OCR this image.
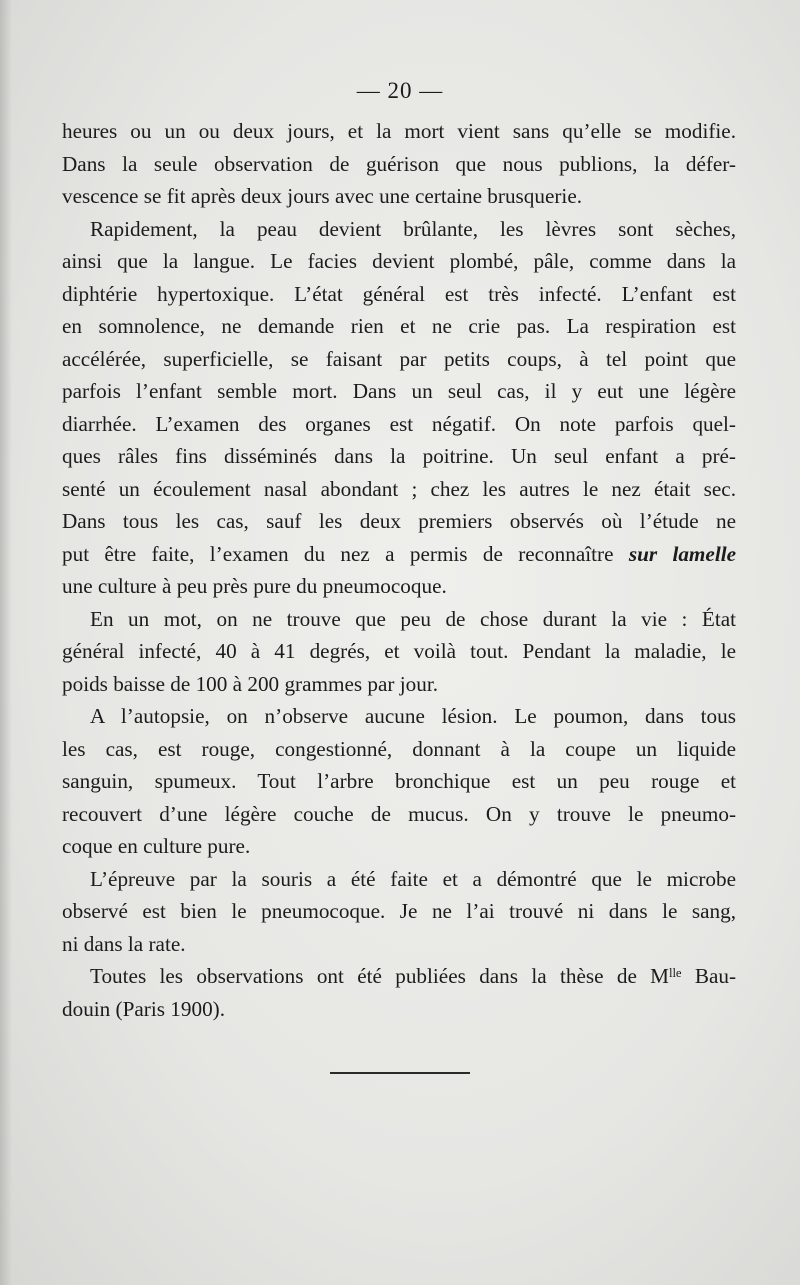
— 20 —
heures ou un ou deux jours, et la mort vient sans qu’elle se modifie.
Dans la seule observation de guérison que nous publions, la défer-
vescence se fit après deux jours avec une certaine brusquerie.
Rapidement, la peau devient brûlante, les lèvres sont sèches,
ainsi que la langue. Le facies devient plombé, pâle, comme dans la
diphtérie hypertoxique. L’état général est très infecté. L’enfant est
en somnolence, ne demande rien et ne crie pas. La respiration est
accélérée, superficielle, se faisant par petits coups, à tel point que
parfois l’enfant semble mort. Dans un seul cas, il y eut une légère
diarrhée. L’examen des organes est négatif. On note parfois quel-
ques râles fins disséminés dans la poitrine. Un seul enfant a pré-
senté un écoulement nasal abondant ; chez les autres le nez était sec.
Dans tous les cas, sauf les deux premiers observés où l’étude ne
put être faite, l’examen du nez a permis de reconnaître sur lamelle
une culture à peu près pure du pneumocoque.
En un mot, on ne trouve que peu de chose durant la vie : État
général infecté, 40 à 41 degrés, et voilà tout. Pendant la maladie, le
poids baisse de 100 à 200 grammes par jour.
A l’autopsie, on n’observe aucune lésion. Le poumon, dans tous
les cas, est rouge, congestionné, donnant à la coupe un liquide
sanguin, spumeux. Tout l’arbre bronchique est un peu rouge et
recouvert d’une légère couche de mucus. On y trouve le pneumo-
coque en culture pure.
L’épreuve par la souris a été faite et a démontré que le microbe
observé est bien le pneumocoque. Je ne l’ai trouvé ni dans le sang,
ni dans la rate.
Toutes les observations ont été publiées dans la thèse de Mˡˡᵉ Bau-
douin (Paris 1900).
